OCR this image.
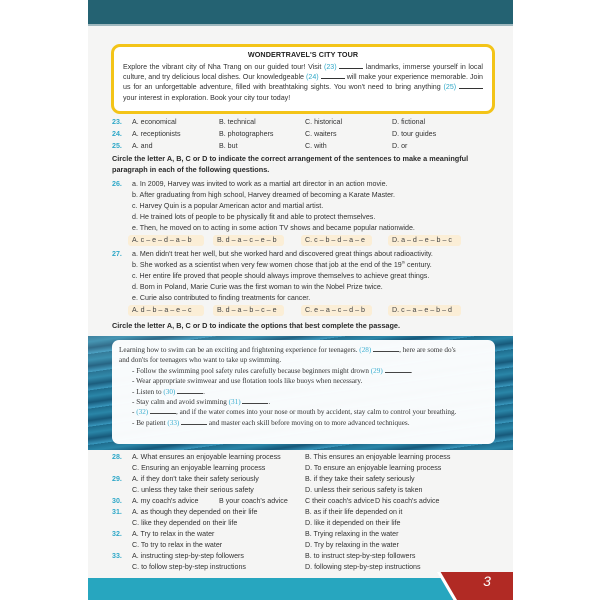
WONDERTRAVEL'S CITY TOUR
Explore the vibrant city of Nha Trang on our guided tour! Visit (23)	landmarks, immerse yourself in local culture, and try delicious local dishes. Our knowledgeable (24)	will make your experience memorable. Join us for an unforgettable adventure, filled with breathtaking sights. You won't need to bring anything (25)  your interest in exploration. Book your city tour today!
23.	A. economical	B. technical	C. historical	D. fictional
24.	A. receptionists	B. photographers	C. waiters	D. tour guides
25.	A. and	B. but	C. with	D. or
Circle the letter A, B, C or D to indicate the correct arrangement of the sentences to make a meaningful paragraph in each of the following questions.
26.	a. In 2009, Harvey was invited to work as a martial art director in an action movie.
b. After graduating from high school, Harvey dreamed of becoming a Karate Master.
c. Harvey Quin is a popular American actor and martial artist.
d. He trained lots of people to be physically fit and able to protect themselves.
e. Then, he moved on to acting in some action TV shows and became popular nationwide.
A. c – e – d – a – b	B. d – a – c – e – b	C. c – b – d – a – e	D. a – d – e – b – c
27.	a. Men didn't treat her well, but she worked hard and discovered great things about radioactivity.
b. She worked as a scientist when very few women chose that job at the end of the 19th century.
c. Her entire life proved that people should always improve themselves to achieve great things.
d. Born in Poland, Marie Curie was the first woman to win the Nobel Prize twice.
e. Curie also contributed to finding treatments for cancer.
A. d – b – a – e – c	B. d – a – b – c – e	C. e – a – c – d – b	D. c – a – e – b – d
Circle the letter A, B, C or D to indicate the options that best complete the passage.
Learning how to swim can be an exciting and frightening experience for teenagers. (28)	, here are some do's
and don'ts for teenagers who want to take up swimming.
- Follow the swimming pool safety rules carefully because beginners might drown (29)	.
- Wear appropriate swimwear and use flotation tools like buoys when necessary.
- Listen to (30)	.
- Stay calm and avoid swimming (31)	.
- (32)	, and if the water comes into your nose or mouth by accident, stay calm to control your breathing.
- Be patient (33)	and master each skill before moving on to more advanced techniques.
28.	A. What ensures an enjoyable learning process	B. This ensures an enjoyable learning process
C. Ensuring an enjoyable learning process	D. To ensure an enjoyable learning process
29.	A. if they don't take their safety seriously	B. if they take their safety seriously
C. unless they take their serious safety	D. unless their serious safety is taken
30.	A. my coach's advice	B your coach's advice C their coach's advice D his coach's advice
31.	A. as though they depended on their life	B. as if their life depended on it
C. like they depended on their life	D. like it depended on their life
32.	A. Try to relax in the water	B. Trying relaxing in the water
C. To try to relax in the water	D. Try by relaxing in the water
33.	A. instructing step-by-step followers	B. to instruct step-by-step followers
C. to follow step-by-step instructions	D. following step-by-step instructions
3
